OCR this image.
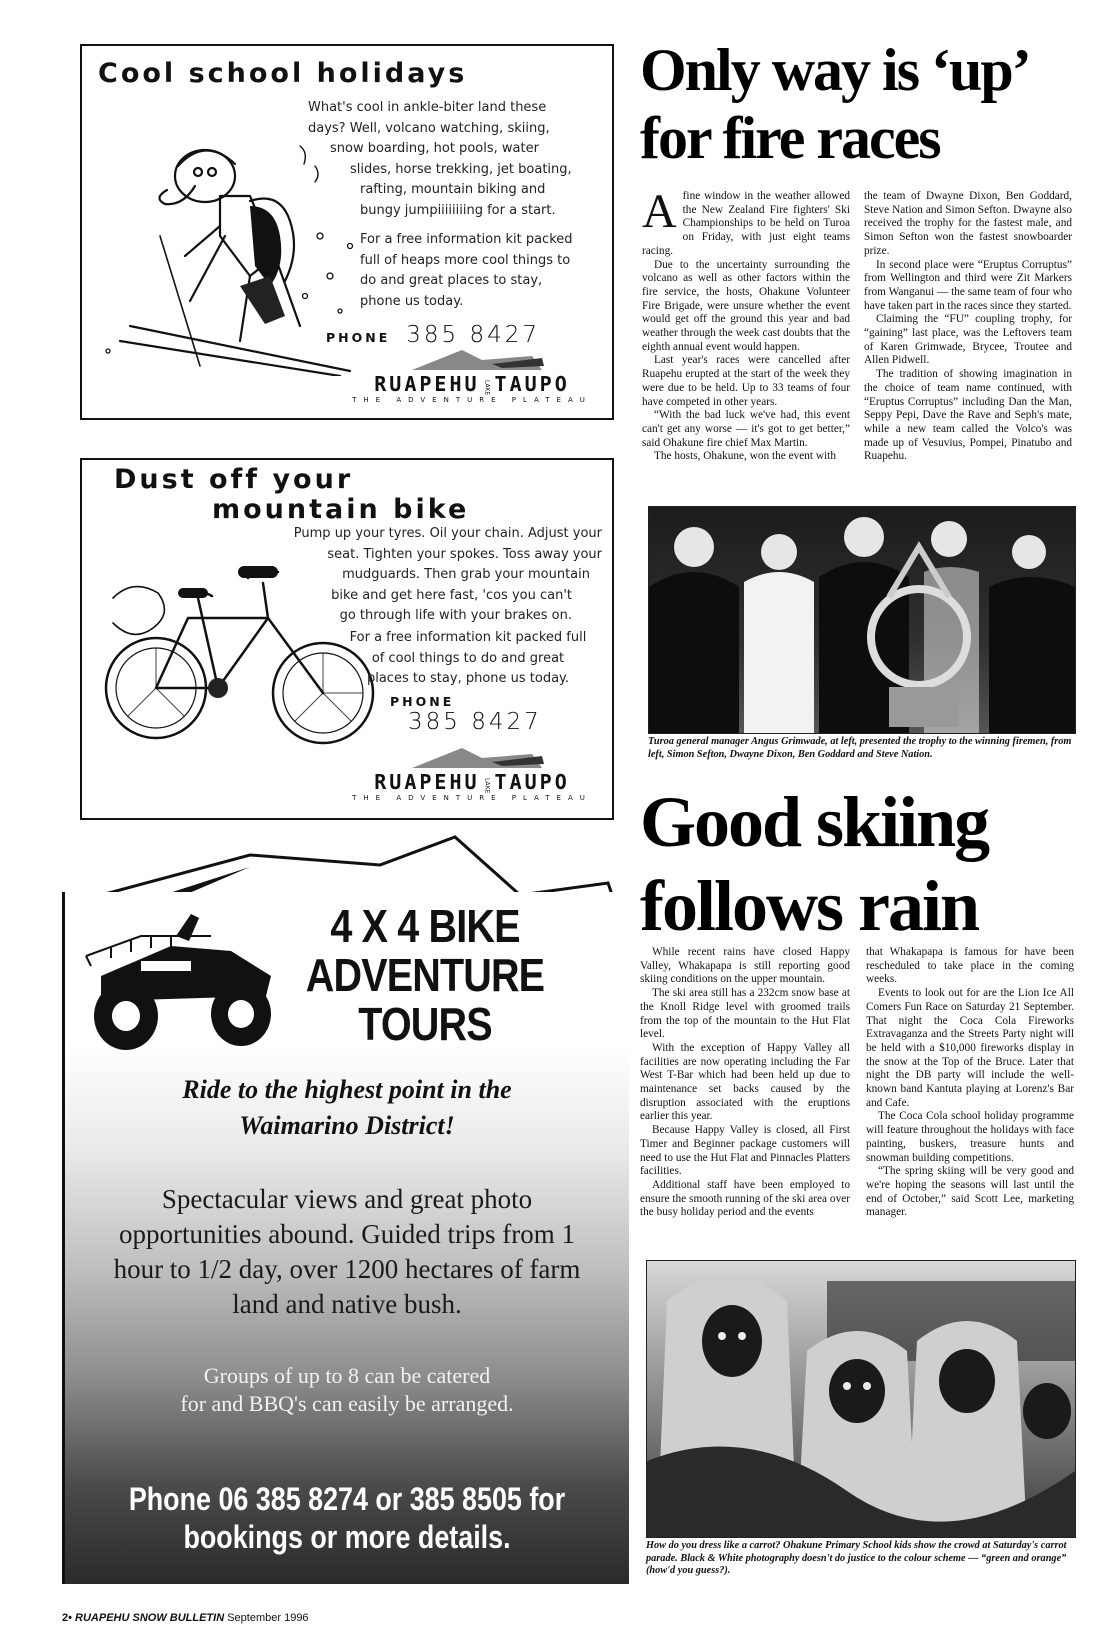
Cool school holidays
What's cool in ankle-biter land these
days? Well, volcano watching, skiing,
snow boarding, hot pools, water
slides, horse trekking, jet boating,
rafting, mountain biking and
bungy jumpiiiiiiiing for a start.
For a free information kit packed
full of heaps more cool things to
do and great places to stay,
phone us today.
PHONE 385 8427
RUAPEHU LAKE TAUPO
THE ADVENTURE PLATEAU
Dust off your
mountain bike
Pump up your tyres. Oil your chain. Adjust your
seat. Tighten your spokes. Toss away your
mudguards. Then grab your mountain
bike and get here fast, 'cos you can't
go through life with your brakes on.
For a free information kit packed full
of cool things to do and great
places to stay, phone us today.
PHONE
385 8427
RUAPEHU LAKE TAUPO
THE ADVENTURE PLATEAU
4 X 4 BIKE
ADVENTURE
TOURS
Ride to the highest point in the
Waimarino District!
Spectacular views and great photo
opportunities abound. Guided trips from 1
hour to 1/2 day, over 1200 hectares of farm
land and native bush.
Groups of up to 8 can be catered
for and BBQ's can easily be arranged.
Phone 06 385 8274 or 385 8505 for
bookings or more details.
Only way is ‘up’
for fire races

Afine window in the weather allowed the New Zealand Fire fighters' Ski Championships to be held on Turoa on Friday, with just eight teams racing.

Due to the uncertainty surrounding the volcano as well as other factors within the fire service, the hosts, Ohakune Volunteer Fire Brigade, were unsure whether the event would get off the ground this year and bad weather through the week cast doubts that the eighth annual event would happen.

Last year's races were cancelled after Ruapehu erupted at the start of the week they were due to be held. Up to 33 teams of four have competed in other years.

“With the bad luck we've had, this event can't get any worse — it's got to get better,” said Ohakune fire chief Max Martin.

The hosts, Ohakune, won the event with

the team of Dwayne Dixon, Ben Goddard, Steve Nation and Simon Sefton. Dwayne also received the trophy for the fastest male, and Simon Sefton won the fastest snowboarder prize.

In second place were “Eruptus Corruptus” from Wellington and third were Zit Markers from Wanganui — the same team of four who have taken part in the races since they started.

Claiming the “FU” coupling trophy, for “gaining” last place, was the Leftovers team of Karen Grimwade, Brycee, Troutee and Allen Pidwell.

The tradition of showing imagination in the choice of team name continued, with “Eruptus Corruptus” including Dan the Man, Seppy Pepi, Dave the Rave and Seph's mate, while a new team called the Volco's was made up of Vesuvius, Pompei, Pinatubo and Ruapehu.

Turoa general manager Angus Grimwade, at left, presented the trophy to the winning firemen, from left, Simon Sefton, Dwayne Dixon, Ben Goddard and Steve Nation.
Good skiing
follows rain

While recent rains have closed Happy Valley, Whakapapa is still reporting good skiing conditions on the upper mountain.

The ski area still has a 232cm snow base at the Knoll Ridge level with groomed trails from the top of the mountain to the Hut Flat level.

With the exception of Happy Valley all facilities are now operating including the Far West T-Bar which had been held up due to maintenance set backs caused by the disruption associated with the eruptions earlier this year.

Because Happy Valley is closed, all First Timer and Beginner package customers will need to use the Hut Flat and Pinnacles Platters facilities.

Additional staff have been employed to ensure the smooth running of the ski area over the busy holiday period and the events

that Whakapapa is famous for have been rescheduled to take place in the coming weeks.

Events to look out for are the Lion Ice All Comers Fun Race on Saturday 21 September. That night the Coca Cola Fireworks Extravaganza and the Streets Party night will be held with a $10,000 fireworks display in the snow at the Top of the Bruce. Later that night the DB party will include the well-known band Kantuta playing at Lorenz's Bar and Cafe.

The Coca Cola school holiday programme will feature throughout the holidays with face painting, buskers, treasure hunts and snowman building competitions.

“The spring skiing will be very good and we're hoping the seasons will last until the end of October,” said Scott Lee, marketing manager.

How do you dress like a carrot? Ohakune Primary School kids show the crowd at Saturday's carrot parade. Black & White photography doesn't do justice to the colour scheme — “green and orange” (how'd you guess?).
2• RUAPEHU SNOW BULLETIN September 1996
